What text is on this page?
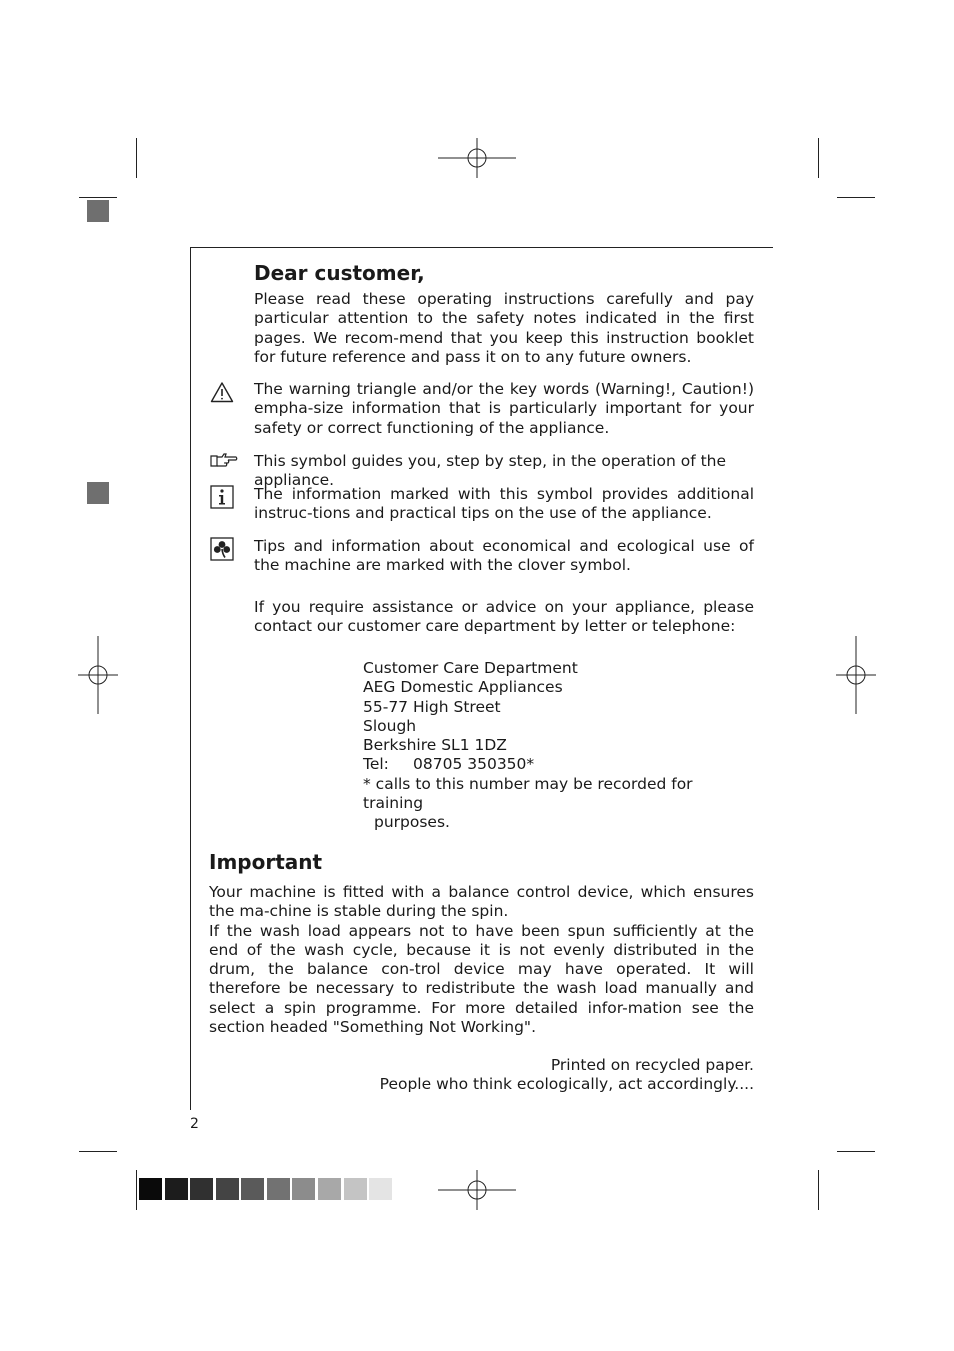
Dear customer,
Please read these operating instructions carefully and pay particular attention to the safety notes indicated in the first pages. We recom-mend that you keep this instruction booklet for future reference and pass it on to any future owners.
The warning triangle and/or the key words (Warning!, Caution!) empha-size information that is particularly important for your safety or correct functioning of the appliance.
This symbol guides you, step by step, in the operation of the appliance.
The information marked with this symbol provides additional instruc-tions and practical tips on the use of the appliance.
Tips and information about economical and ecological use of the machine are marked with the clover symbol.
If you require assistance or advice on your appliance, please contact our customer care department by letter or telephone:
Customer Care Department
AEG Domestic Appliances
55-77 High Street
Slough
Berkshire SL1 1DZ
Tel: 08705 350350*
* calls to this number may be recorded for training
purposes.
Important
Your machine is fitted with a balance control device, which ensures the ma-chine is stable during the spin.
If the wash load appears not to have been spun sufficiently at the end of the wash cycle, because it is not evenly distributed in the drum, the balance con-trol device may have operated. It will therefore be necessary to redistribute the wash load manually and select a spin programme. For more detailed infor-mation see the section headed "Something Not Working".
Printed on recycled paper.
People who think ecologically, act accordingly....
2
